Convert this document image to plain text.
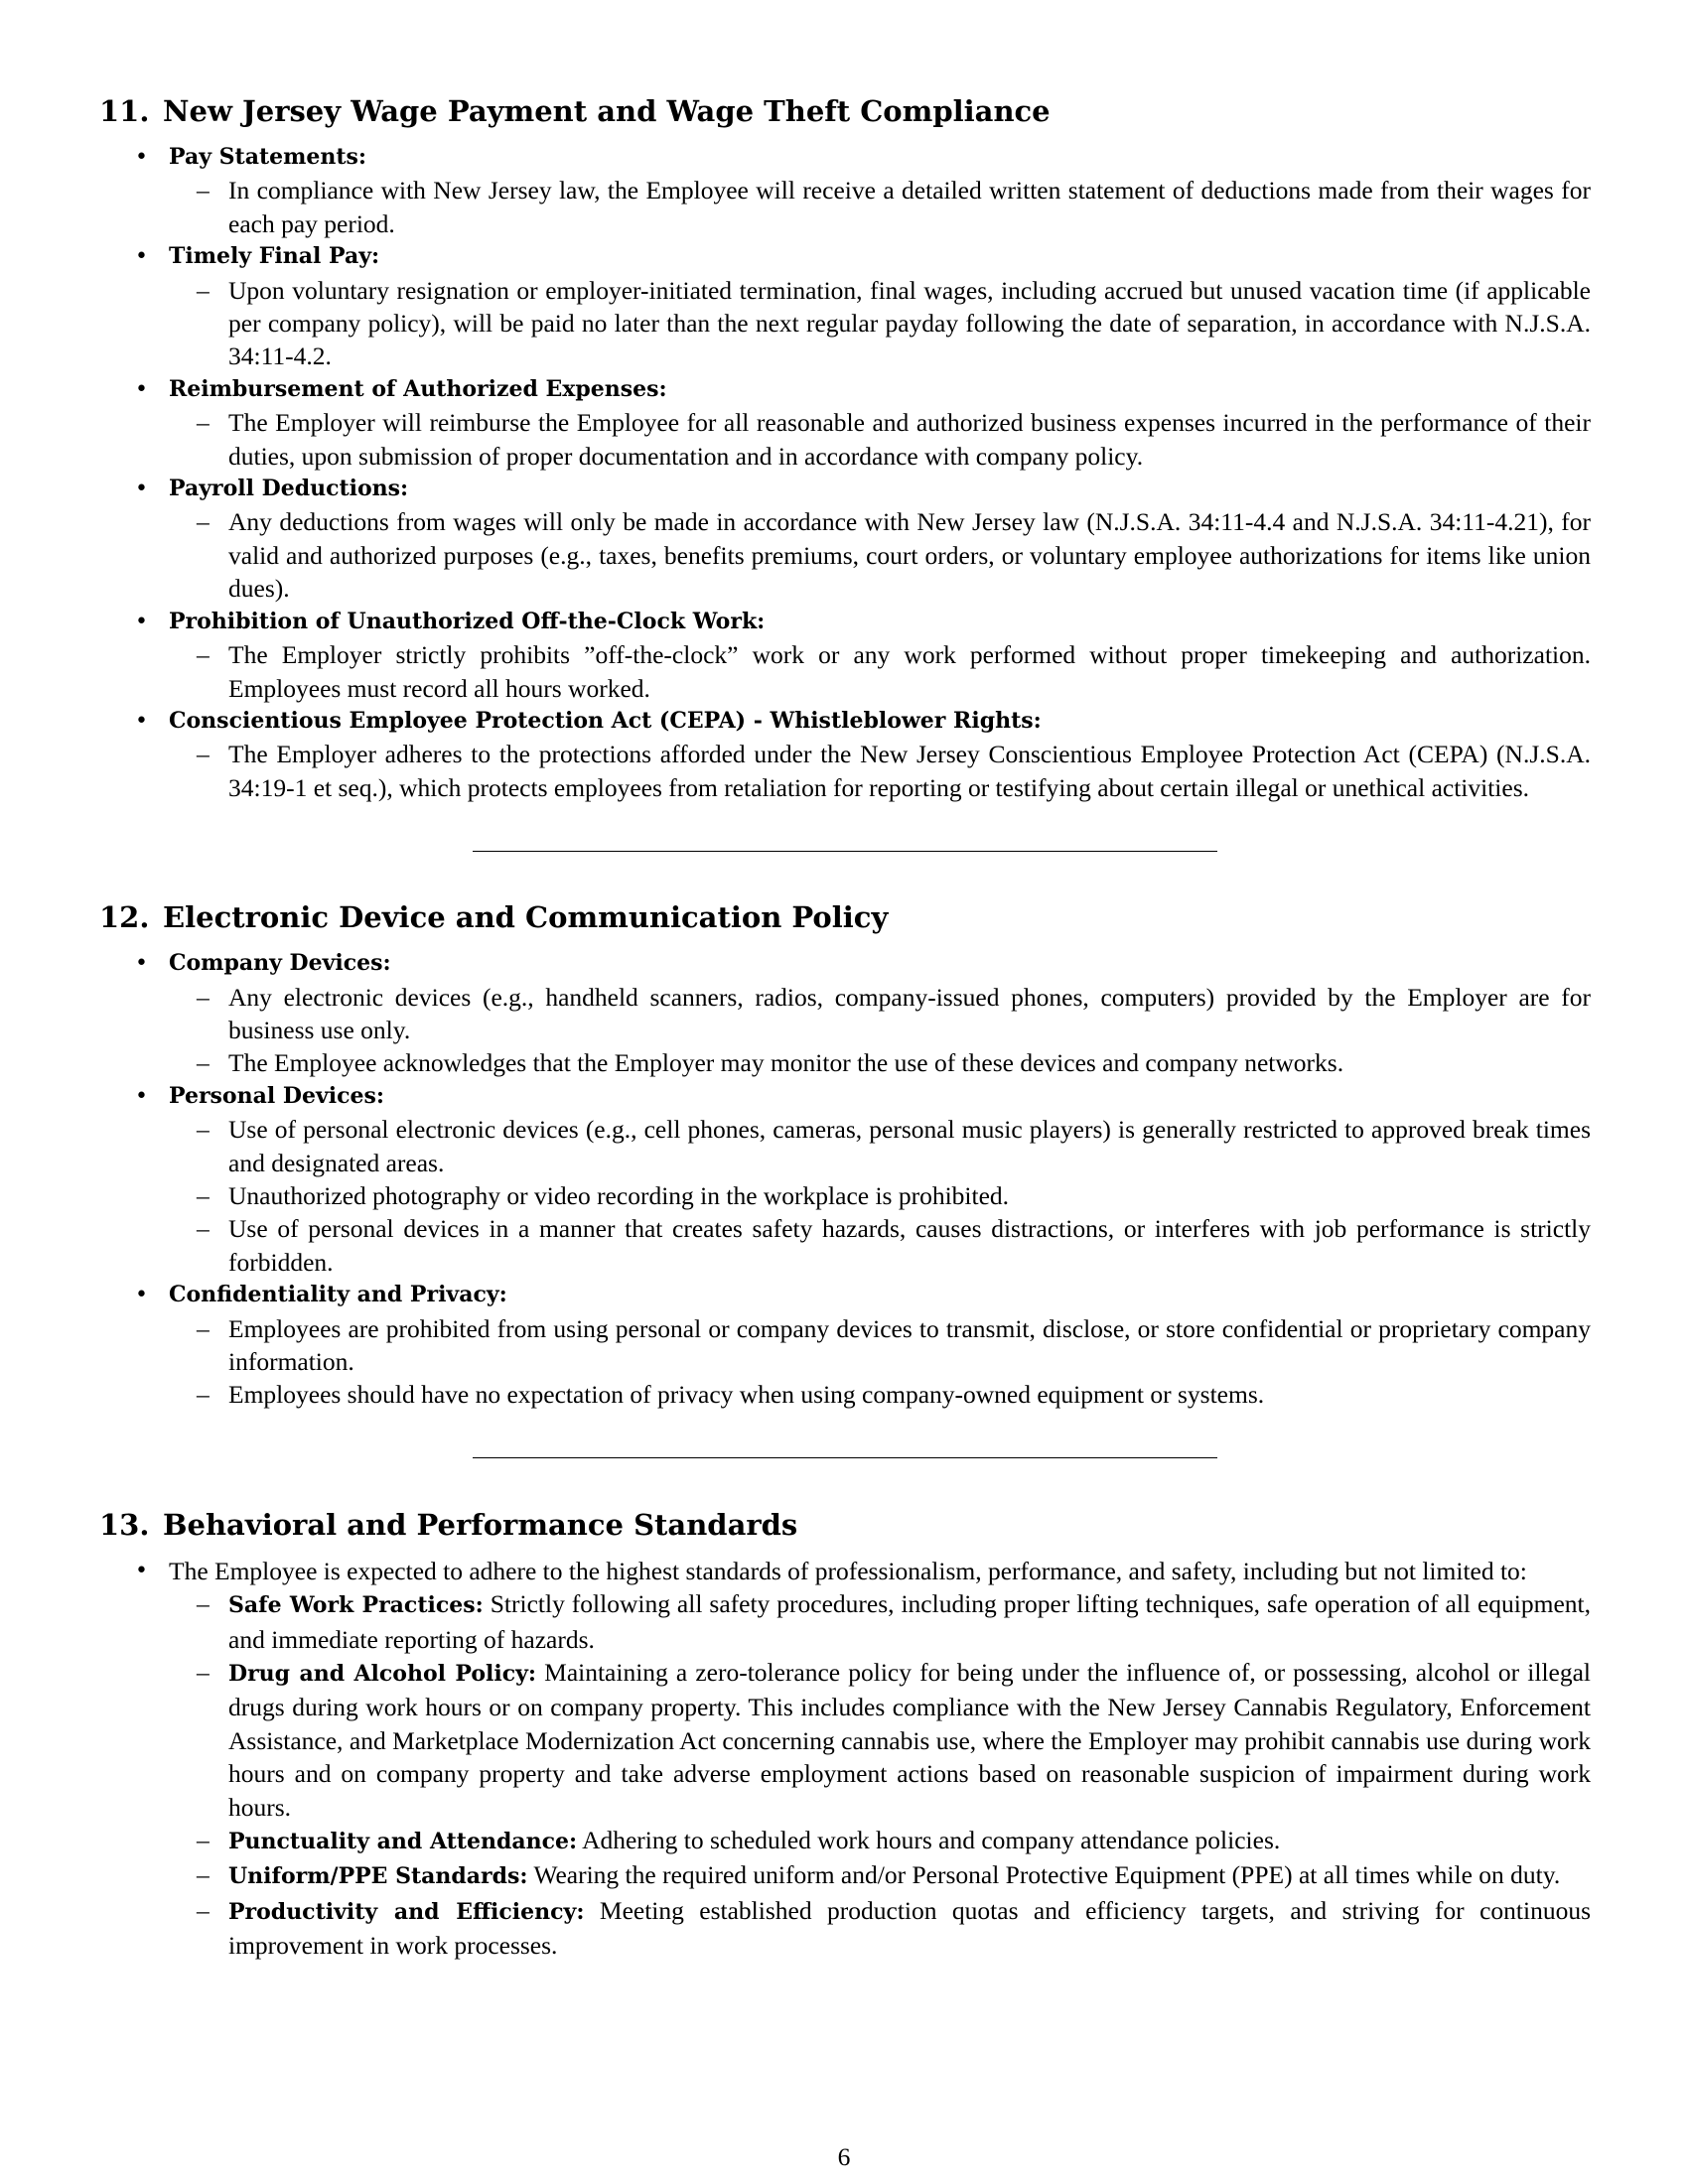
11. New Jersey Wage Payment and Wage Theft Compliance
• Pay Statements:
– In compliance with New Jersey law, the Employee will receive a detailed written statement of deductions made from their wages for each pay period.
• Timely Final Pay:
– Upon voluntary resignation or employer-initiated termination, final wages, including accrued but unused vacation time (if applicable per company policy), will be paid no later than the next regular payday following the date of separation, in accordance with N.J.S.A. 34:11-4.2.
• Reimbursement of Authorized Expenses:
– The Employer will reimburse the Employee for all reasonable and authorized business expenses incurred in the performance of their duties, upon submission of proper documentation and in accordance with company policy.
• Payroll Deductions:
– Any deductions from wages will only be made in accordance with New Jersey law (N.J.S.A. 34:11-4.4 and N.J.S.A. 34:11-4.21), for valid and authorized purposes (e.g., taxes, benefits premiums, court orders, or voluntary employee authorizations for items like union dues).
• Prohibition of Unauthorized Off-the-Clock Work:
– The Employer strictly prohibits ”off-the-clock” work or any work performed without proper timekeeping and authorization. Employees must record all hours worked.
• Conscientious Employee Protection Act (CEPA) - Whistleblower Rights:
– The Employer adheres to the protections afforded under the New Jersey Conscientious Employee Protection Act (CEPA) (N.J.S.A. 34:19-1 et seq.), which protects employees from retaliation for reporting or testifying about certain illegal or unethical activities.
12. Electronic Device and Communication Policy
• Company Devices:
– Any electronic devices (e.g., handheld scanners, radios, company-issued phones, computers) provided by the Employer are for business use only.
– The Employee acknowledges that the Employer may monitor the use of these devices and company networks.
• Personal Devices:
– Use of personal electronic devices (e.g., cell phones, cameras, personal music players) is generally restricted to approved break times and designated areas.
– Unauthorized photography or video recording in the workplace is prohibited.
– Use of personal devices in a manner that creates safety hazards, causes distractions, or interferes with job performance is strictly forbidden.
• Confidentiality and Privacy:
– Employees are prohibited from using personal or company devices to transmit, disclose, or store confidential or proprietary company information.
– Employees should have no expectation of privacy when using company-owned equipment or systems.
13. Behavioral and Performance Standards
• The Employee is expected to adhere to the highest standards of professionalism, performance, and safety, including but not limited to:
– Safe Work Practices: Strictly following all safety procedures, including proper lifting techniques, safe operation of all equipment, and immediate reporting of hazards.
– Drug and Alcohol Policy: Maintaining a zero-tolerance policy for being under the influence of, or possessing, alcohol or illegal drugs during work hours or on company property. This includes compliance with the New Jersey Cannabis Regulatory, Enforcement Assistance, and Marketplace Modernization Act concerning cannabis use, where the Employer may prohibit cannabis use during work hours and on company property and take adverse employment actions based on reasonable suspicion of impairment during work hours.
– Punctuality and Attendance: Adhering to scheduled work hours and company attendance policies.
– Uniform/PPE Standards: Wearing the required uniform and/or Personal Protective Equipment (PPE) at all times while on duty.
– Productivity and Efficiency: Meeting established production quotas and efficiency targets, and striving for continuous improvement in work processes.
6
